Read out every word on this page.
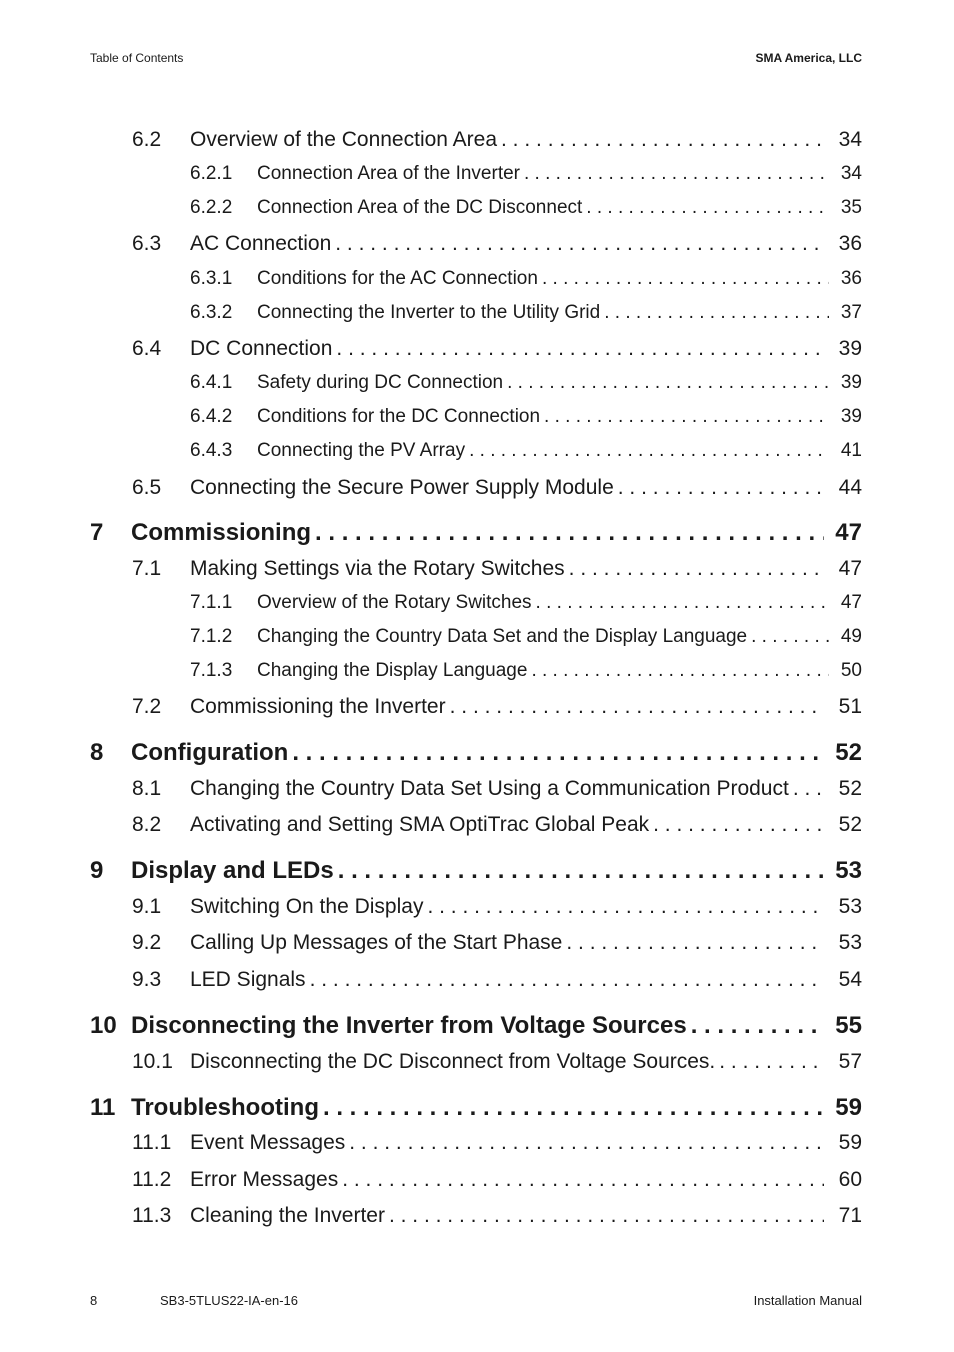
Table of Contents	SMA America, LLC
6.2 Overview of the Connection Area . . .	34
6.2.1 Connection Area of the Inverter . . .	34
6.2.2 Connection Area of the DC Disconnect . . .	35
6.3 AC Connection . . .	36
6.3.1 Conditions for the AC Connection . . .	36
6.3.2 Connecting the Inverter to the Utility Grid . . .	37
6.4 DC Connection . . .	39
6.4.1 Safety during DC Connection . . .	39
6.4.2 Conditions for the DC Connection . . .	39
6.4.3 Connecting the PV Array . . .	41
6.5 Connecting the Secure Power Supply Module . . .	44
7 Commissioning . . .	47
7.1 Making Settings via the Rotary Switches . . .	47
7.1.1 Overview of the Rotary Switches . . .	47
7.1.2 Changing the Country Data Set and the Display Language . . .	49
7.1.3 Changing the Display Language . . .	50
7.2 Commissioning the Inverter . . .	51
8 Configuration . . .	52
8.1 Changing the Country Data Set Using a Communication Product . . . 52
8.2 Activating and Setting SMA OptiTrac Global Peak . . .	52
9 Display and LEDs . . .	53
9.1 Switching On the Display . . .	53
9.2 Calling Up Messages of the Start Phase . . .	53
9.3 LED Signals . . .	54
10 Disconnecting the Inverter from Voltage Sources . . .	55
10.1 Disconnecting the DC Disconnect from Voltage Sources. . . .	57
11 Troubleshooting . . .	59
11.1 Event Messages . . .	59
11.2 Error Messages . . .	60
11.3 Cleaning the Inverter . . .	71
8	SB3-5TLUS22-IA-en-16	Installation Manual
